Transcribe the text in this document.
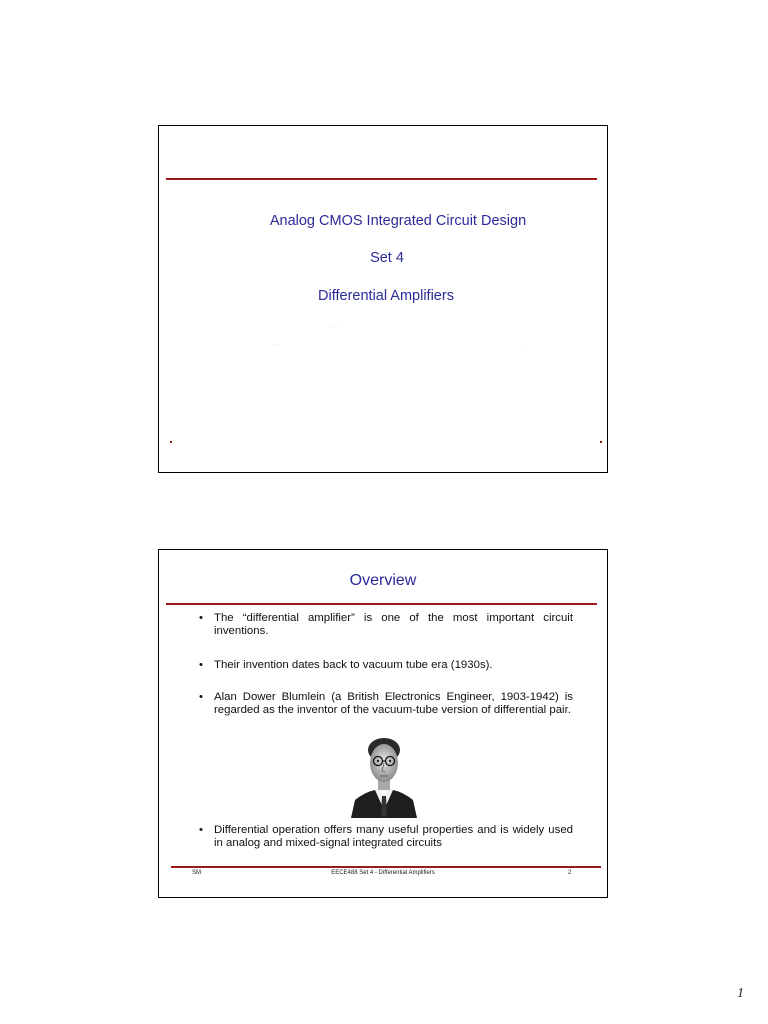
Analog CMOS Integrated Circuit Design
Set 4
Differential Amplifiers
·· ·
· ·
·
Overview
• The “differential amplifier” is one of the most important circuit inventions.
• Their invention dates back to vacuum tube era (1930s).
• Alan Dower Blumlein (a British Electronics Engineer, 1903-1942) is regarded as the inventor of the vacuum-tube version of differential pair.
• Differential operation offers many useful properties and is widely used in analog and mixed-signal integrated circuits
SM	EECE488 Set 4 - Differential Amplifiers	2
1
